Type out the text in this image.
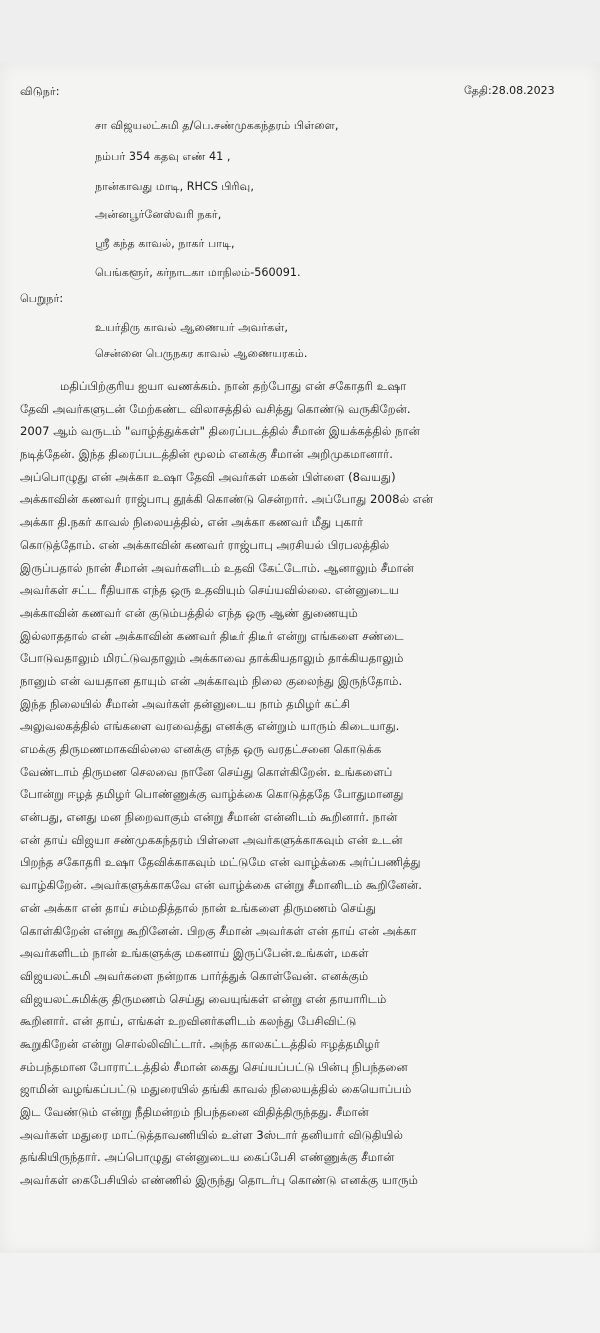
விடுநர்:	தேதி:28.08.2023
சா விஜயலட்சுமி த/பெ.சண்முககந்தரம் பிள்ளை,
நம்பர் 354 கதவு எண் 41 ,
நான்காவது மாடி, RHCS பிரிவு,
அன்னபூர்னேஸ்வரி நகர்,
ஸ்ரீ கந்த காவல், நாகர் பாடி,
பெங்களூர், கர்நாடகா மாநிலம்-560091.
பெறுநர்:
உயர்திரு காவல் ஆணையர் அவர்கள்,
சென்னை பெருநகர காவல் ஆணையரகம்.
மதிப்பிற்குரிய ஐயா வணக்கம். நான் தற்போது என் சகோதரி உஷா
தேவி அவர்களுடன் மேற்கண்ட விலாசத்தில் வசித்து கொண்டு வருகிறேன்.
2007 ஆம் வருடம் "வாழ்த்துக்கள்" திரைப்படத்தில் சீமான் இயக்கத்தில் நான்
நடித்தேன். இந்த திரைப்படத்தின் மூலம் எனக்கு சீமான் அறிமுகமானார்.
அப்பொழுது என் அக்கா உஷா தேவி அவர்கள் மகன் பிள்ளை (8வயது)
அக்காவின் கணவர் ராஜ்பாபு தூக்கி கொண்டு சென்றார். அப்போது 2008ல் என்
அக்கா தி.நகர் காவல் நிலையத்தில், என் அக்கா கணவர் மீது புகார்
கொடுத்தோம். என் அக்காவின் கணவர் ராஜ்பாபு அரசியல் பிரபலத்தில்
இருப்பதால் நான் சீமான் அவர்களிடம் உதவி கேட்டோம். ஆனாலும் சீமான்
அவர்கள் சட்ட ரீதியாக எந்த ஒரு உதவியும் செய்யவில்லை. என்னுடைய
அக்காவின் கணவர் என் குடும்பத்தில் எந்த ஒரு ஆண் துணையும்
இல்லாததால் என் அக்காவின் கணவர் திடீர் திடீர் என்று எங்களை சண்டை
போடுவதாலும் மிரட்டுவதாலும் அக்காவை தாக்கியதாலும் தாக்கியதாலும்
நானும் என் வயதான தாயும் என் அக்காவும் நிலை குலைந்து இருந்தோம்.
இந்த நிலையில் சீமான் அவர்கள் தன்னுடைய நாம் தமிழர் கட்சி
அலுவலகத்தில் எங்களை வரவைத்து எனக்கு என்றும் யாரும் கிடையாது.
எமக்கு திருமணமாகவில்லை எனக்கு எந்த ஒரு வரதட்சனை கொடுக்க
வேண்டாம் திருமண செலவை நானே செய்து கொள்கிறேன். உங்களைப்
போன்று ஈழத் தமிழர் பொண்ணுக்கு வாழ்க்கை கொடுத்ததே போதுமானது
என்பது, எனது மன நிறைவாகும் என்று சீமான் என்னிடம் கூறினார். நான்
என் தாய் விஜயா சண்முககந்தரம் பிள்ளை அவர்களுக்காகவும் என் உடன்
பிறந்த சகோதரி உஷா தேவிக்காகவும் மட்டுமே என் வாழ்க்கை அர்ப்பணித்து
வாழ்கிறேன். அவர்களுக்காகவே என் வாழ்க்கை என்று சீமானிடம் கூறினேன்.
என் அக்கா என் தாய் சம்மதித்தால் நான் உங்களை திருமணம் செய்து
கொள்கிறேன் என்று கூறினேன். பிறகு சீமான் அவர்கள் என் தாய் என் அக்கா
அவர்களிடம் நான் உங்களுக்கு மகனாய் இருப்பேன்.உங்கள், மகள்
விஜயலட்சுமி அவர்களை நன்றாக பார்த்துக் கொள்வேன். எனக்கும்
விஜயலட்சுமிக்கு திருமணம் செய்து வையுங்கள் என்று என் தாயாரிடம்
கூறினார். என் தாய், எங்கள் உறவினர்களிடம் கலந்து பேசிவிட்டு
கூறுகிறேன் என்று சொல்லிவிட்டார். அந்த காலகட்டத்தில் ஈழத்தமிழர்
சம்பந்தமான போராட்டத்தில் சீமான் கைது செய்யப்பட்டு பின்பு நிபந்தனை
ஜாமின் வழங்கப்பட்டு மதுரையில் தங்கி காவல் நிலையத்தில் கையொப்பம்
இட வேண்டும் என்று நீதிமன்றம் நிபந்தனை விதித்திருந்தது. சீமான்
அவர்கள் மதுரை மாட்டுத்தாவணியில் உள்ள 3ஸ்டார் தனியார் விடுதியில்
தங்கியிருந்தார். அப்பொழுது என்னுடைய கைப்பேசி எண்ணுக்கு சீமான்
அவர்கள் கைபேசியில் எண்ணில் இருந்து தொடர்பு கொண்டு எனக்கு யாரும்
